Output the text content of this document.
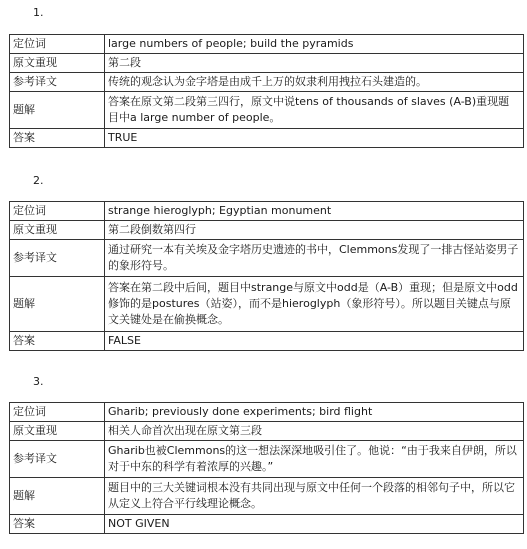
1.
定位词	large numbers of people; build the pyramids
原文重现	第二段
参考译文	传统的观念认为金字塔是由成千上万的奴隶利用拽拉石头建造的。
题解	答案在原文第二段第三四行，原文中说tens of thousands of slaves (A-B)重现题目中a large number of people。
答案	TRUE
2.
定位词	strange hieroglyph; Egyptian monument
原文重现	第二段倒数第四行
参考译文	通过研究一本有关埃及金字塔历史遗迹的书中，Clemmons发现了一排古怪站姿男子的象形符号。
题解	答案在第二段中后间，题目中strange与原文中odd是（A-B）重现；但是原文中odd修饰的是postures（站姿），而不是hieroglyph（象形符号）。所以题目关键点与原文关键处是在偷换概念。
答案	FALSE
3.
定位词	Gharib; previously done experiments; bird flight
原文重现	相关人命首次出现在原文第三段
参考译文	Gharib也被Clemmons的这一想法深深地吸引住了。他说：“由于我来自伊朗，所以对于中东的科学有着浓厚的兴趣。”
题解	题目中的三大关键词根本没有共同出现与原文中任何一个段落的相邻句子中，所以它从定义上符合平行线理论概念。
答案	NOT GIVEN
